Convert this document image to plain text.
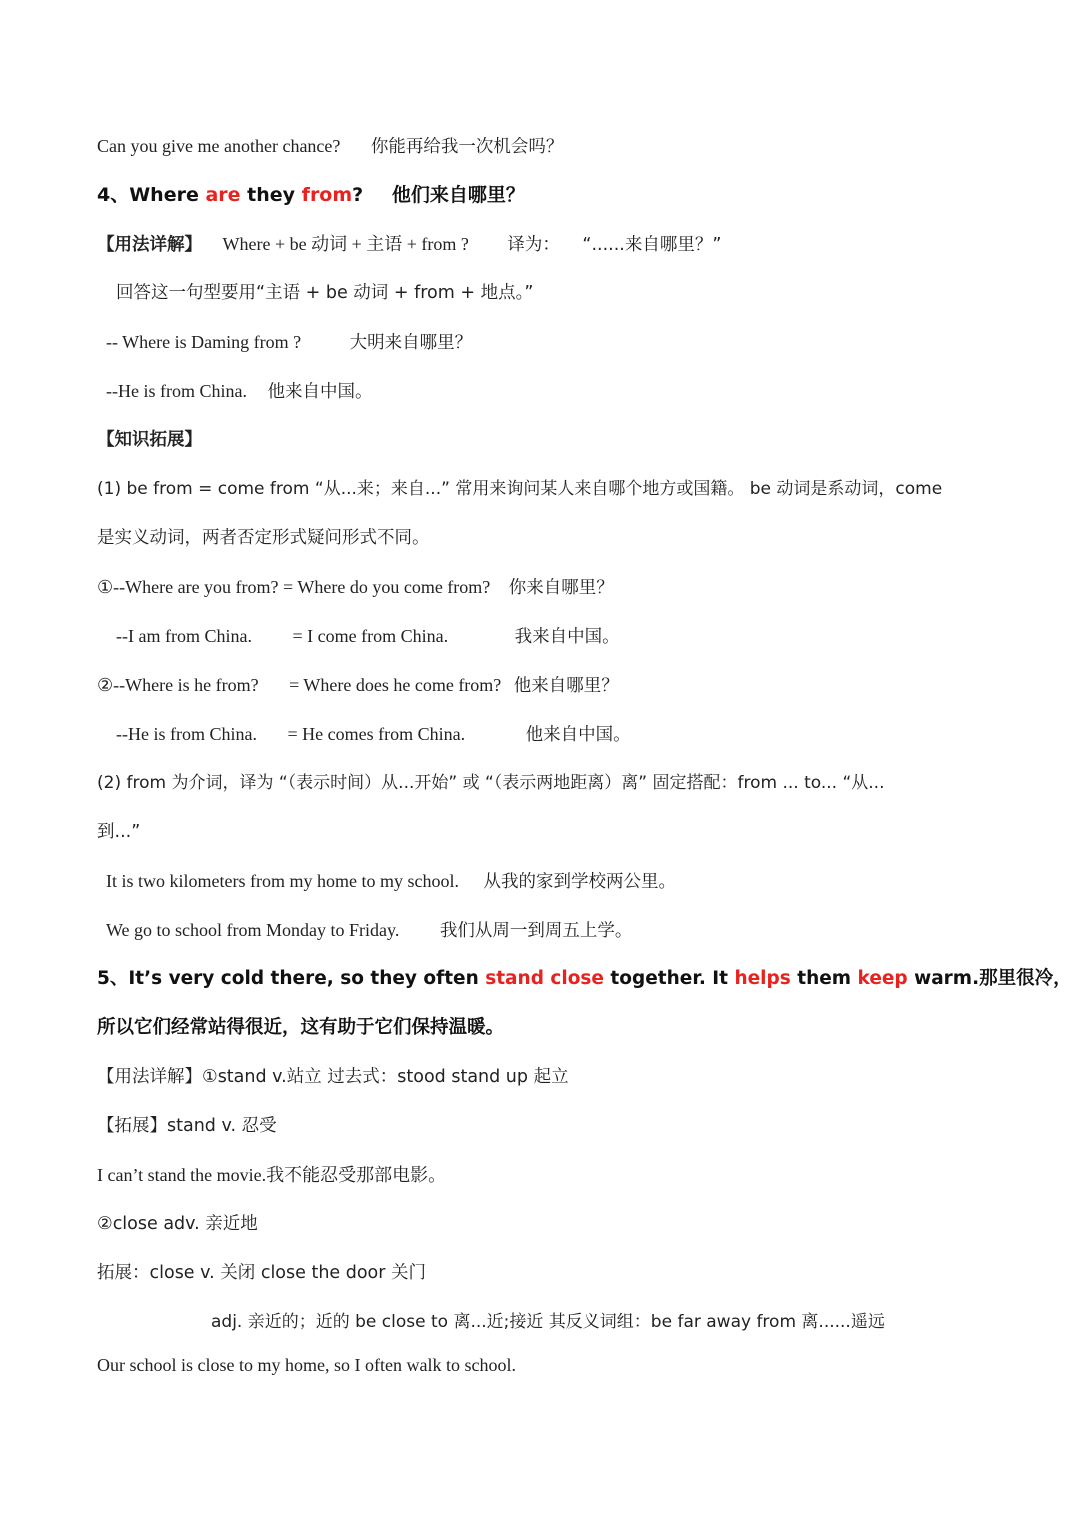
Can you give me another chance? 你能再给我一次机会吗？
4、Where are they from? 他们来自哪里？
【用法详解】 Where + be 动词 + 主语 + from ? 译为： “......来自哪里？”
回答这一句型要用“主语 + be 动词 + from + 地点。”
-- Where is Daming from ?	大明来自哪里？
--He is from China. 他来自中国。
【知识拓展】
(1) be from = come from “从...来；来自...” 常用来询问某人来自哪个地方或国籍。 be 动词是系动词，come
是实义动词，两者否定形式疑问形式不同。
①--Where are you from? = Where do you come from? 你来自哪里？
--I am from China. = I come from China.	我来自中国。
②--Where is he from? = Where does he come from? 他来自哪里？
--He is from China. = He comes from China.	他来自中国。
(2) from 为介词，译为 “（表示时间）从...开始” 或 “（表示两地距离）离” 固定搭配：from ... to... “从...
到...”
It is two kilometers from my home to my school. 从我的家到学校两公里。
We go to school from Monday to Friday. 我们从周一到周五上学。
5、It’s very cold there, so they often stand close together. It helps them keep warm.那里很冷，
所以它们经常站得很近，这有助于它们保持温暖。
【用法详解】①stand v.站立 过去式：stood stand up 起立
【拓展】stand v. 忍受
I can’t stand the movie.我不能忍受那部电影。
②close adv. 亲近地
拓展：close v. 关闭 close the door 关门
adj. 亲近的；近的 be close to 离...近;接近 其反义词组：be far away from 离......遥远
Our school is close to my home, so I often walk to school.
